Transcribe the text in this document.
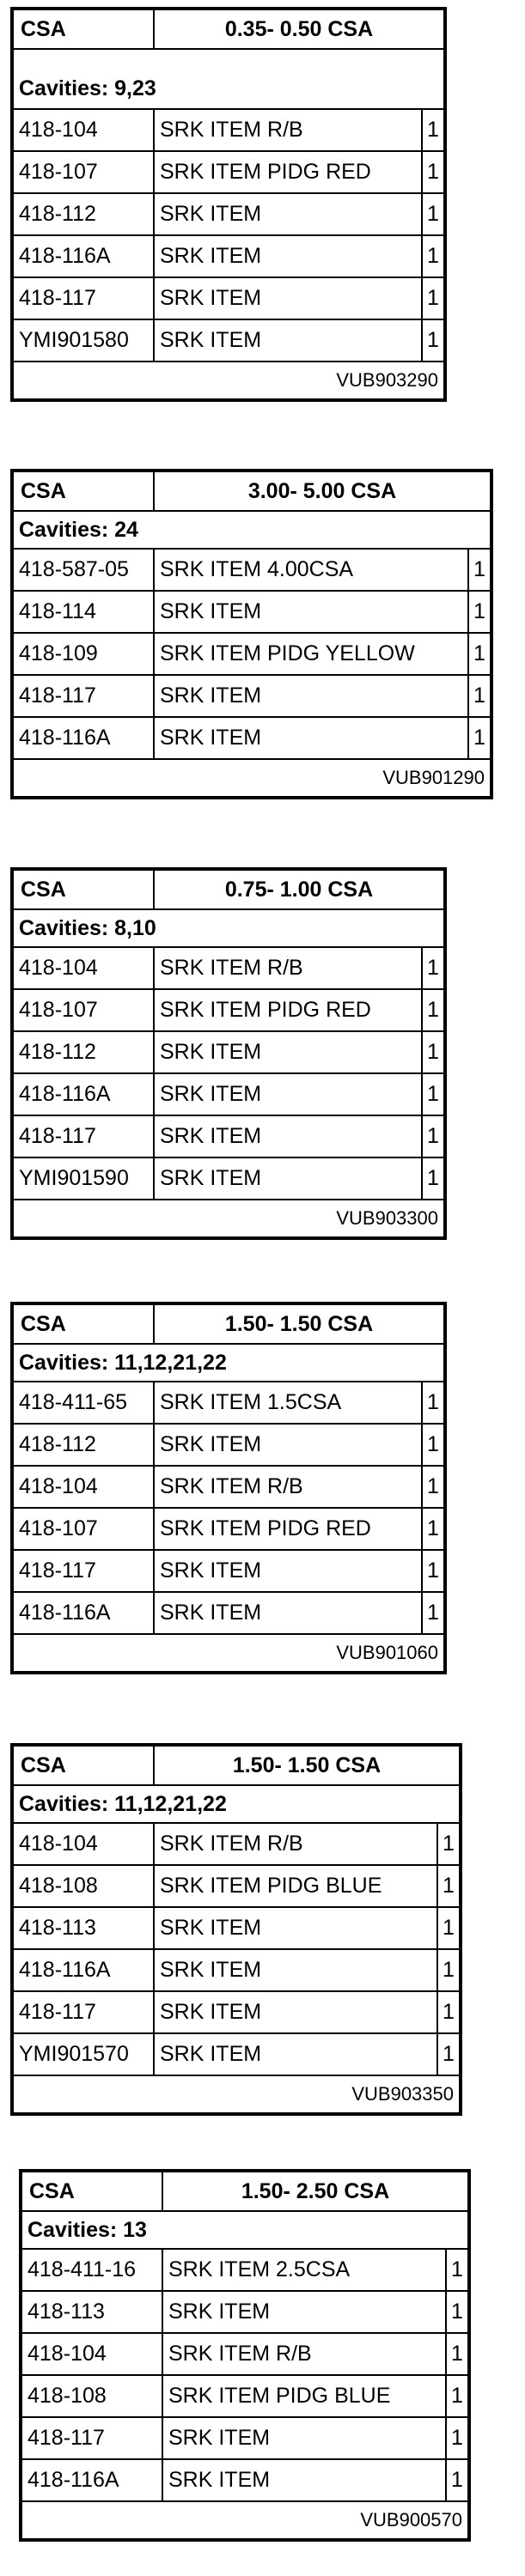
CSA	0.35- 0.50 CSA
Cavities: 9,23
418-104	SRK ITEM R/B	1
418-107	SRK ITEM PIDG RED	1
418-112	SRK ITEM	1
418-116A	SRK ITEM	1
418-117	SRK ITEM	1
YMI901580	SRK ITEM	1
VUB903290
CSA	3.00- 5.00 CSA
Cavities: 24
418-587-05	SRK ITEM 4.00CSA	1
418-114	SRK ITEM	1
418-109	SRK ITEM PIDG YELLOW	1
418-117	SRK ITEM	1
418-116A	SRK ITEM	1
VUB901290
CSA	0.75- 1.00 CSA
Cavities: 8,10
418-104	SRK ITEM R/B	1
418-107	SRK ITEM PIDG RED	1
418-112	SRK ITEM	1
418-116A	SRK ITEM	1
418-117	SRK ITEM	1
YMI901590	SRK ITEM	1
VUB903300
CSA	1.50- 1.50 CSA
Cavities: 11,12,21,22
418-411-65	SRK ITEM 1.5CSA	1
418-112	SRK ITEM	1
418-104	SRK ITEM R/B	1
418-107	SRK ITEM PIDG RED	1
418-117	SRK ITEM	1
418-116A	SRK ITEM	1
VUB901060
CSA	1.50- 1.50 CSA
Cavities: 11,12,21,22
418-104	SRK ITEM R/B	1
418-108	SRK ITEM PIDG BLUE	1
418-113	SRK ITEM	1
418-116A	SRK ITEM	1
418-117	SRK ITEM	1
YMI901570	SRK ITEM	1
VUB903350
CSA	1.50- 2.50 CSA
Cavities: 13
418-411-16	SRK ITEM 2.5CSA	1
418-113	SRK ITEM	1
418-104	SRK ITEM R/B	1
418-108	SRK ITEM PIDG BLUE	1
418-117	SRK ITEM	1
418-116A	SRK ITEM	1
VUB900570
